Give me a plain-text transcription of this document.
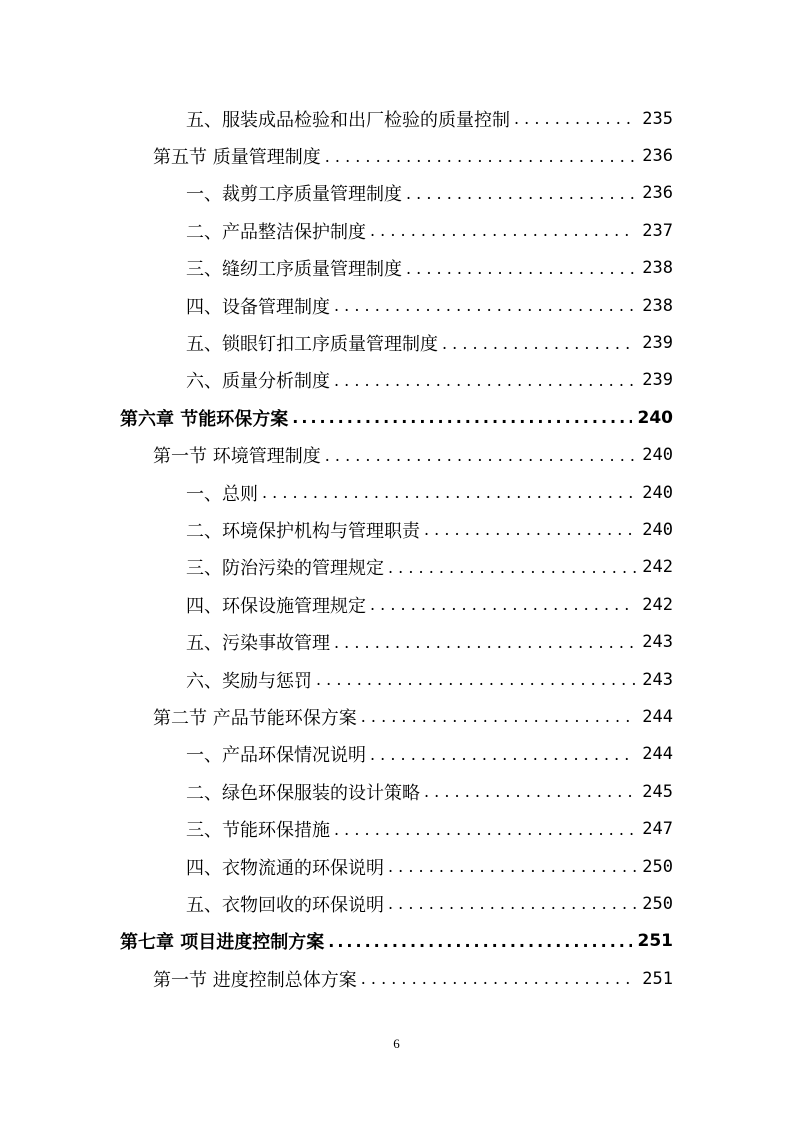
五、服装成品检验和出厂检验的质量控制 . . .	235
第五节 质量管理制度 . . .	236
一、裁剪工序质量管理制度 . . .	236
二、产品整洁保护制度 . . .	237
三、缝纫工序质量管理制度 . . .	238
四、设备管理制度 . . .	238
五、锁眼钉扣工序质量管理制度 . . .	239
六、质量分析制度 . . .	239
第六章 节能环保方案 .....	240
第一节 环境管理制度 . . .	240
一、总则 . . .	240
二、环境保护机构与管理职责 . . .	240
三、防治污染的管理规定 . . .	242
四、环保设施管理规定 . . .	242
五、污染事故管理 . . .	243
六、奖励与惩罚 . . .	243
第二节 产品节能环保方案 . . .	244
一、产品环保情况说明 . . .	244
二、绿色环保服装的设计策略 . . .	245
三、节能环保措施 . . .	247
四、衣物流通的环保说明 . . .	250
五、衣物回收的环保说明 . . .	250
第七章 项目进度控制方案 .....	251
第一节 进度控制总体方案 . . .	251
6
